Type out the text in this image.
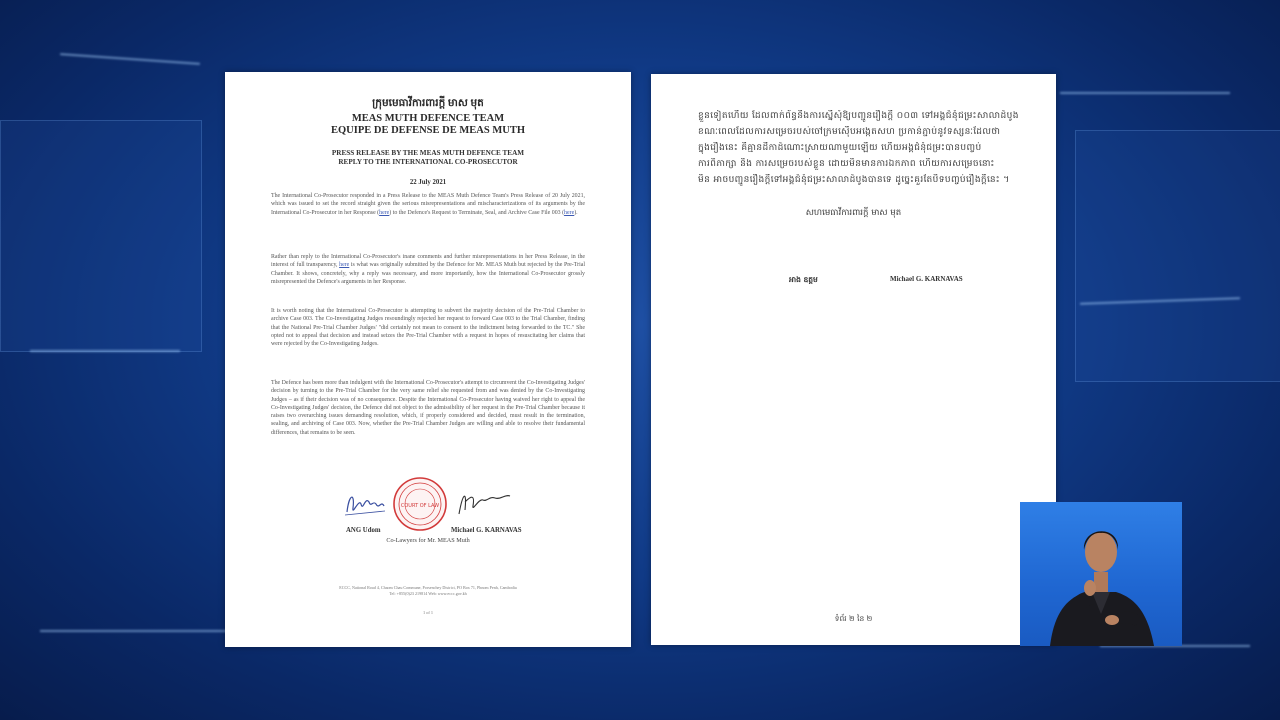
ក្រុមមេធាវីការពារក្តី មាស មុត
MEAS MUTH DEFENCE TEAM
EQUIPE DE DEFENSE DE MEAS MUTH
PRESS RELEASE BY THE MEAS MUTH DEFENCE TEAM
REPLY TO THE INTERNATIONAL CO-PROSECUTOR
22 July 2021
The International Co-Prosecutor responded in a Press Release to the MEAS Muth Defence Team's Press Release of 20 July 2021, which was issued to set the record straight given the serious misrepresentations and mischaracterizations of its arguments by the International Co-Prosecutor in her Response (here) to the Defence's Request to Terminate, Seal, and Archive Case File 003 (here).
Rather than reply to the International Co-Prosecutor's inane comments and further misrepresentations in her Press Release, in the interest of full transparency, here is what was originally submitted by the Defence for Mr. MEAS Muth but rejected by the Pre-Trial Chamber. It shows, concretely, why a reply was necessary, and more importantly, how the International Co-Prosecutor grossly misrepresented the Defence's arguments in her Response.
It is worth noting that the International Co-Prosecutor is attempting to subvert the majority decision of the Pre-Trial Chamber to archive Case 003. The Co-Investigating Judges resoundingly rejected her request to forward Case 003 to the Trial Chamber, finding that the National Pre-Trial Chamber Judges' "did certainly not mean to consent to the indictment being forwarded to the TC." She opted not to appeal that decision and instead seizes the Pre-Trial Chamber with a request in hopes of resuscitating her claims that were rejected by the Co-Investigating Judges.
The Defence has been more than indulgent with the International Co-Prosecutor's attempt to circumvent the Co-Investigating Judges' decision by turning to the Pre-Trial Chamber for the very same relief she requested from and was denied by the Co-Investigating Judges – as if their decision was of no consequence. Despite the International Co-Prosecutor having waived her right to appeal the Co-Investigating Judges' decision, the Defence did not object to the admissibility of her request in the Pre-Trial Chamber because it raises two overarching issues demanding resolution, which, if properly considered and decided, must result in the termination, sealing, and archiving of Case 003. Now, whether the Pre-Trial Chamber Judges are willing and able to resolve their fundamental differences, that remains to be seen.
COURT OF LAW
ANG Udom	Michael G. KARNAVAS
Co-Lawyers for Mr. MEAS Muth
ECCC, National Road 4, Chaom Chau Commune, Porsenchey District, PO Box 71, Phnom Penh, Cambodia
Tel: +855(0)23 219814 Web: www.eccc.gov.kh
1 of 1
ខ្លួនទៀតហើយ ដែលពាក់ព័ន្ធនឹងការស្នើសុំឱ្យបញ្ជូនរឿងក្តី ០០៣ ទៅអង្គជំនុំជម្រះសាលាដំបូង
ខណៈពេលដែលការសម្រេចរបស់ចៅក្រមស៊ើបអង្កេតសហ ប្រកាន់ភ្ជាប់នូវទស្សនៈដែលថា
ក្នុងរឿងនេះ គឺគ្មានដីកាដំណោះស្រាយណាមួយឡើយ ហើយអង្គជំនុំជម្រះបានបញ្ចប់
ការពិភាក្សា និង ការសម្រេចរបស់ខ្លួន ដោយមិនមានការឯកភាព ហើយការសម្រេចនោះ
មិន អាចបញ្ជូនរឿងក្តីទៅអង្គជំនុំជម្រះសាលាដំបូងបានទេ ដូច្នេះគួរតែបិទបញ្ចប់រឿងក្តីនេះ ។
សហមេធាវីការពារក្តី មាស មុត
អាង ឧត្តម	Michael G. KARNAVAS
ទំព័រ ២ នៃ ២
